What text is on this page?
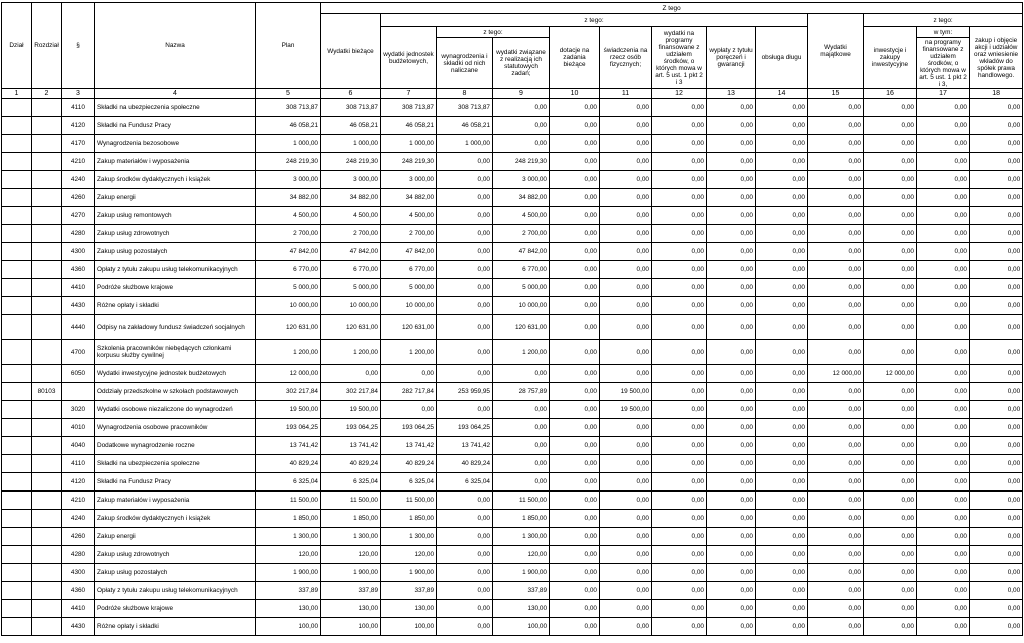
Dział	Rozdział	§	Nazwa	Plan	Z tego												
					Wydatki bieżące	z tego:								Wydatki majątkowe	z tego:		
						wydatki jednostek budżetowych,	z tego:		dotacje na zadania bieżące	świadczenia na rzecz osób fizycznych;	wydatki na programy finansowane z udziałem środków, o których mowa w art. 5 ust. 1 pkt 2 i 3	wypłaty z tytułu poręczeń i gwarancji	obsługa długu		inwestycje i zakupy inwestycyjne	w tym:	zakup i objęcie akcji i udziałów oraz wniesienie wkładów do spółek prawa handlowego.
							wynagrodzenia i składki od nich naliczane	wydatki związane z realizacją ich statutowych zadań;								na programy finansowane z udziałem środków, o których mowa w art. 5 ust. 1 pkt 2 i 3,	
1	2	3	4	5	6	7	8	9	10	11	12	13	14	15	16	17	18
		4110	Składki na ubezpieczenia społeczne	308 713,87	308 713,87	308 713,87	308 713,87	0,00	0,00	0,00	0,00	0,00	0,00	0,00	0,00	0,00	0,00
		4120	Składki na Fundusz Pracy	46 058,21	46 058,21	46 058,21	46 058,21	0,00	0,00	0,00	0,00	0,00	0,00	0,00	0,00	0,00	0,00
		4170	Wynagrodzenia bezosobowe	1 000,00	1 000,00	1 000,00	1 000,00	0,00	0,00	0,00	0,00	0,00	0,00	0,00	0,00	0,00	0,00
		4210	Zakup materiałów i wyposażenia	248 219,30	248 219,30	248 219,30	0,00	248 219,30	0,00	0,00	0,00	0,00	0,00	0,00	0,00	0,00	0,00
		4240	Zakup środków dydaktycznych i książek	3 000,00	3 000,00	3 000,00	0,00	3 000,00	0,00	0,00	0,00	0,00	0,00	0,00	0,00	0,00	0,00
		4260	Zakup energii	34 882,00	34 882,00	34 882,00	0,00	34 882,00	0,00	0,00	0,00	0,00	0,00	0,00	0,00	0,00	0,00
		4270	Zakup usług remontowych	4 500,00	4 500,00	4 500,00	0,00	4 500,00	0,00	0,00	0,00	0,00	0,00	0,00	0,00	0,00	0,00
		4280	Zakup usług zdrowotnych	2 700,00	2 700,00	2 700,00	0,00	2 700,00	0,00	0,00	0,00	0,00	0,00	0,00	0,00	0,00	0,00
		4300	Zakup usług pozostałych	47 842,00	47 842,00	47 842,00	0,00	47 842,00	0,00	0,00	0,00	0,00	0,00	0,00	0,00	0,00	0,00
		4360	Opłaty z tytułu zakupu usług telekomunikacyjnych	6 770,00	6 770,00	6 770,00	0,00	6 770,00	0,00	0,00	0,00	0,00	0,00	0,00	0,00	0,00	0,00
		4410	Podróże służbowe krajowe	5 000,00	5 000,00	5 000,00	0,00	5 000,00	0,00	0,00	0,00	0,00	0,00	0,00	0,00	0,00	0,00
		4430	Różne opłaty i składki	10 000,00	10 000,00	10 000,00	0,00	10 000,00	0,00	0,00	0,00	0,00	0,00	0,00	0,00	0,00	0,00
		4440	Odpisy na zakładowy fundusz świadczeń socjalnych	120 631,00	120 631,00	120 631,00	0,00	120 631,00	0,00	0,00	0,00	0,00	0,00	0,00	0,00	0,00	0,00
		4700	Szkolenia pracowników niebędących członkami korpusu służby cywilnej	1 200,00	1 200,00	1 200,00	0,00	1 200,00	0,00	0,00	0,00	0,00	0,00	0,00	0,00	0,00	0,00
		6050	Wydatki inwestycyjne jednostek budżetowych	12 000,00	0,00	0,00	0,00	0,00	0,00	0,00	0,00	0,00	0,00	12 000,00	12 000,00	0,00	0,00
	80103		Oddziały przedszkolne w szkołach podstawowych	302 217,84	302 217,84	282 717,84	253 959,95	28 757,89	0,00	19 500,00	0,00	0,00	0,00	0,00	0,00	0,00	0,00
		3020	Wydatki osobowe niezaliczone do wynagrodzeń	19 500,00	19 500,00	0,00	0,00	0,00	0,00	19 500,00	0,00	0,00	0,00	0,00	0,00	0,00	0,00
		4010	Wynagrodzenia osobowe pracowników	193 064,25	193 064,25	193 064,25	193 064,25	0,00	0,00	0,00	0,00	0,00	0,00	0,00	0,00	0,00	0,00
		4040	Dodatkowe wynagrodzenie roczne	13 741,42	13 741,42	13 741,42	13 741,42	0,00	0,00	0,00	0,00	0,00	0,00	0,00	0,00	0,00	0,00
		4110	Składki na ubezpieczenia społeczne	40 829,24	40 829,24	40 829,24	40 829,24	0,00	0,00	0,00	0,00	0,00	0,00	0,00	0,00	0,00	0,00
		4120	Składki na Fundusz Pracy	6 325,04	6 325,04	6 325,04	6 325,04	0,00	0,00	0,00	0,00	0,00	0,00	0,00	0,00	0,00	0,00
		4210	Zakup materiałów i wyposażenia	11 500,00	11 500,00	11 500,00	0,00	11 500,00	0,00	0,00	0,00	0,00	0,00	0,00	0,00	0,00	0,00
		4240	Zakup środków dydaktycznych i książek	1 850,00	1 850,00	1 850,00	0,00	1 850,00	0,00	0,00	0,00	0,00	0,00	0,00	0,00	0,00	0,00
		4260	Zakup energii	1 300,00	1 300,00	1 300,00	0,00	1 300,00	0,00	0,00	0,00	0,00	0,00	0,00	0,00	0,00	0,00
		4280	Zakup usług zdrowotnych	120,00	120,00	120,00	0,00	120,00	0,00	0,00	0,00	0,00	0,00	0,00	0,00	0,00	0,00
		4300	Zakup usług pozostałych	1 900,00	1 900,00	1 900,00	0,00	1 900,00	0,00	0,00	0,00	0,00	0,00	0,00	0,00	0,00	0,00
		4360	Opłaty z tytułu zakupu usług telekomunikacyjnych	337,89	337,89	337,89	0,00	337,89	0,00	0,00	0,00	0,00	0,00	0,00	0,00	0,00	0,00
		4410	Podróże służbowe krajowe	130,00	130,00	130,00	0,00	130,00	0,00	0,00	0,00	0,00	0,00	0,00	0,00	0,00	0,00
		4430	Różne opłaty i składki	100,00	100,00	100,00	0,00	100,00	0,00	0,00	0,00	0,00	0,00	0,00	0,00	0,00	0,00
